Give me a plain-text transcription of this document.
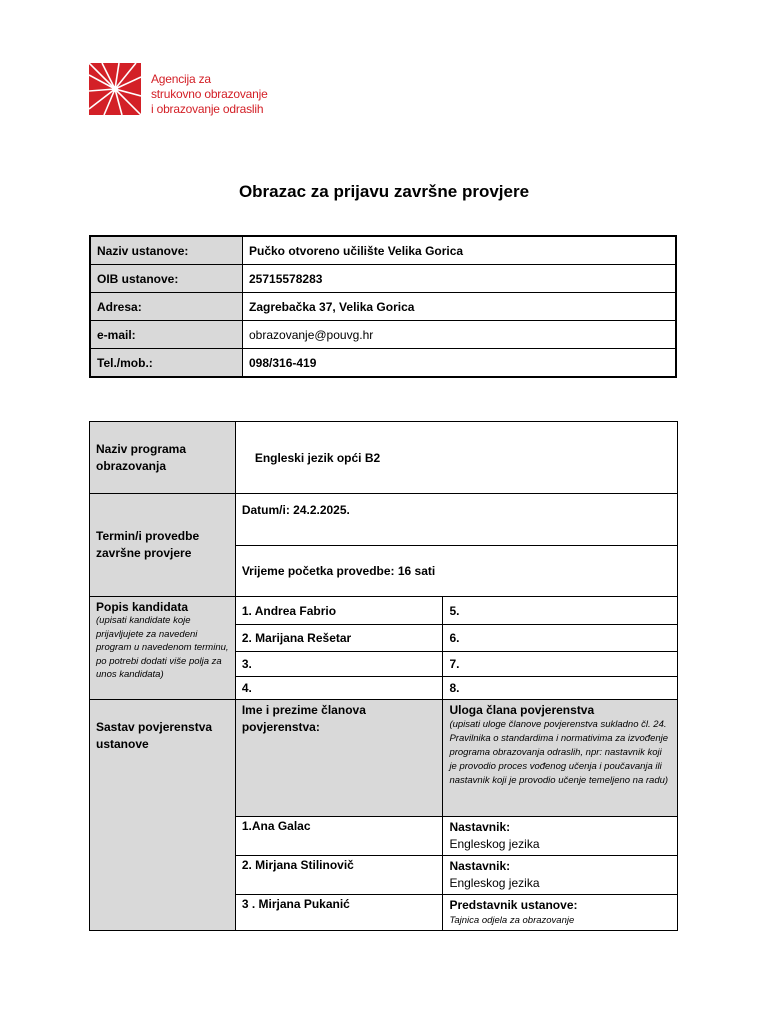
Agencija za
strukovno obrazovanje
i obrazovanje odraslih
Obrazac za prijavu završne provjere
Naziv ustanove:	Pučko otvoreno učilište Velika Gorica
OIB ustanove:	25715578283
Adresa:	Zagrebačka 37, Velika Gorica
e-mail:	obrazovanje@pouvg.hr
Tel./mob.:	098/316-419
Naziv programa obrazovanja	Engleski jezik opći B2	
Termin/i provedbe završne provjere	Datum/i: 24.2.2025.	
	Vrijeme početka provedbe: 16 sati	
Popis kandidata
(upisati kandidate koje prijavljujete za navedeni program u navedenom terminu, po potrebi dodati više polja za unos kandidata)	1. Andrea Fabrio	5.
	2. Marijana Rešetar	6.
	3.	7.
	4.	8.
Sastav povjerenstva ustanove	Ime i prezime članova povjerenstva:	Uloga člana povjerenstva
(upisati uloge članove povjerenstva sukladno čl. 24. Pravilnika o standardima i normativima za izvođenje programa obrazovanja odraslih, npr: nastavnik koji je provodio proces vođenog učenja i poučavanja ili nastavnik koji je provodio učenje temeljeno na radu)

	1.Ana Galac	Nastavnik:
Engleskog jezika

	2. Mirjana Stilinovič	Nastavnik:
Engleskog jezika

	3 . Mirjana Pukanić	Predstavnik ustanove:
Tajnica odjela za obrazovanje
